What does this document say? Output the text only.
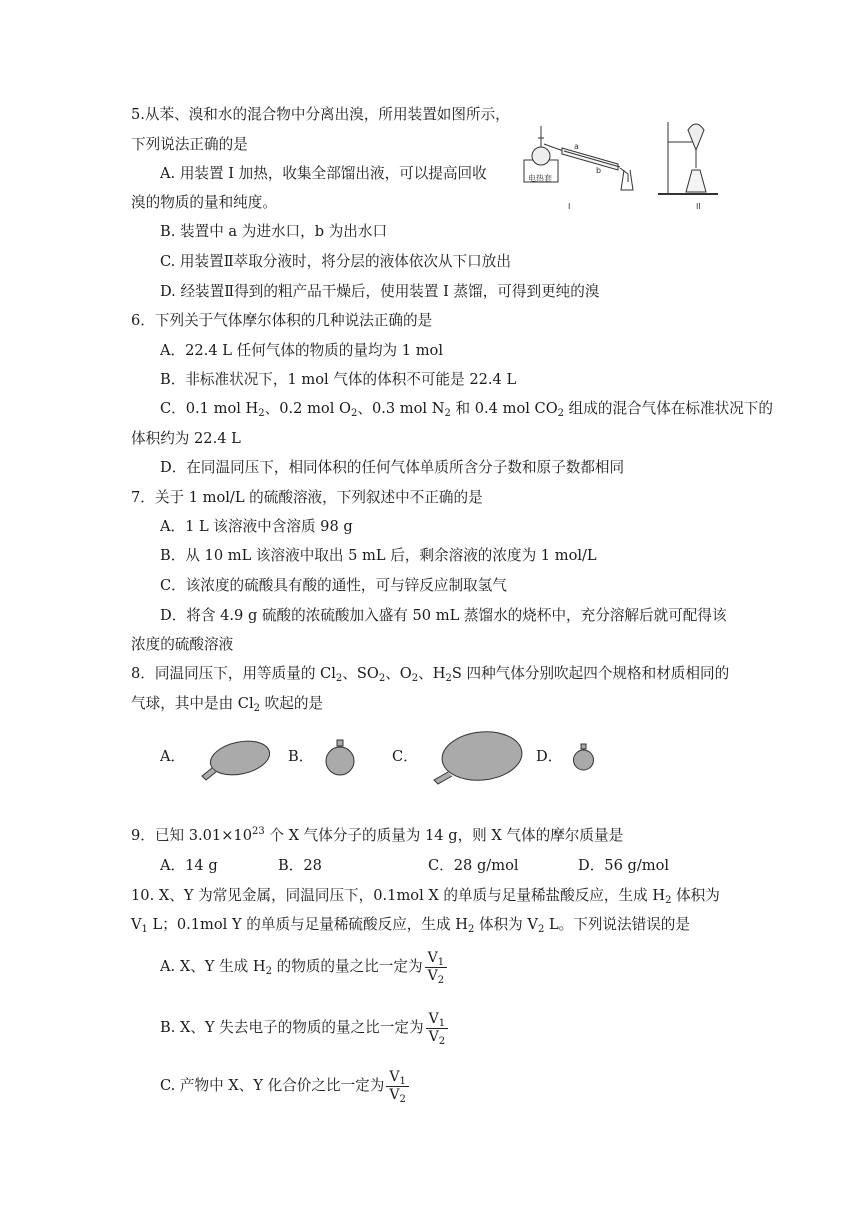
5.从苯、溴和水的混合物中分离出溴，所用装置如图所示，
下列说法正确的是
A. 用装置 I 加热，收集全部馏出液，可以提高回收
溴的物质的量和纯度。
B. 装置中 a 为进水口，b 为出水口
C. 用装置Ⅱ萃取分液时，将分层的液体依次从下口放出
D. 经装置Ⅱ得到的粗产品干燥后，使用装置 I 蒸馏，可得到更纯的溴
电热套
a
b
I	II
6．下列关于气体摩尔体积的几种说法正确的是
A．22.4 L 任何气体的物质的量均为 1 mol
B．非标准状况下，1 mol 气体的体积不可能是 22.4 L
C．0.1 mol $H_2$、0.2 mol $O_2$、0.3 mol $N_2$ 和 0.4 mol $CO_2$ 组成的混合气体在标准状况下的
体积约为 22.4 L
D．在同温同压下，相同体积的任何气体单质所含分子数和原子数都相同
7．关于 1 mol/L 的硫酸溶液，下列叙述中不正确的是
A．1 L 该溶液中含溶质 98 g
B．从 10 mL 该溶液中取出 5 mL 后，剩余溶液的浓度为 1 mol/L
C．该浓度的硫酸具有酸的通性，可与锌反应制取氢气
D．将含 4.9 g 硫酸的浓硫酸加入盛有 50 mL 蒸馏水的烧杯中，充分溶解后就可配得该
浓度的硫酸溶液
8．同温同压下，用等质量的 $Cl_2$、$SO_2$、$O_2$、$H_2S$ 四种气体分别吹起四个规格和材质相同的
气球，其中是由 $Cl_2$ 吹起的是
A．	B．	C．	D．
9．已知 $3.01\times 10^{23}$ 个 X 气体分子的质量为 14 g，则 X 气体的摩尔质量是
A．14 g	B．28	C．28 g/mol	D．56 g/mol
10. X、Y 为常见金属，同温同压下，0.1mol X 的单质与足量稀盐酸反应，生成 $H_2$ 体积为
$V_1$ L；0.1mol Y 的单质与足量稀硫酸反应，生成 $H_2$ 体积为 $V_2$ L。下列说法错误的是
A. X、Y 生成 $H_2$ 的物质的量之比一定为 $\frac{V_1}{V_2}$
B. X、Y 失去电子的物质的量之比一定为 $\frac{V_1}{V_2}$
C. 产物中 X、Y 化合价之比一定为 $\frac{V_1}{V_2}$
